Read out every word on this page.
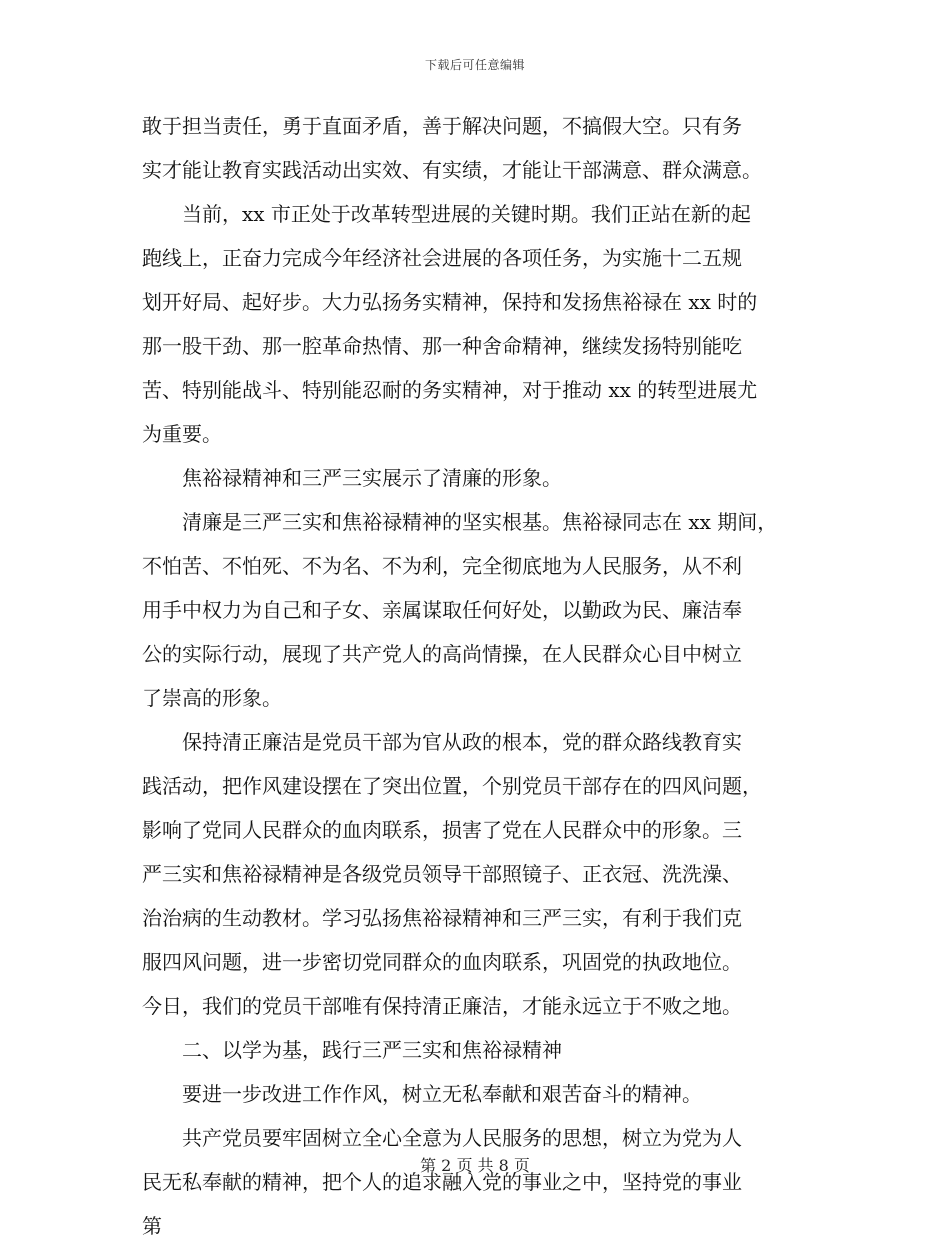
下载后可任意编辑
敢于担当责任，勇于直面矛盾，善于解决问题，不搞假大空。只有务
实才能让教育实践活动出实效、有实绩，才能让干部满意、群众满意。
　　当前，xx 市正处于改革转型进展的关键时期。我们正站在新的起
跑线上，正奋力完成今年经济社会进展的各项任务，为实施十二五规
划开好局、起好步。大力弘扬务实精神，保持和发扬焦裕禄在 xx 时的
那一股干劲、那一腔革命热情、那一种舍命精神，继续发扬特别能吃
苦、特别能战斗、特别能忍耐的务实精神，对于推动 xx 的转型进展尤
为重要。
　　焦裕禄精神和三严三实展示了清廉的形象。
　　清廉是三严三实和焦裕禄精神的坚实根基。焦裕禄同志在 xx 期间，
不怕苦、不怕死、不为名、不为利，完全彻底地为人民服务，从不利
用手中权力为自己和子女、亲属谋取任何好处，以勤政为民、廉洁奉
公的实际行动，展现了共产党人的高尚情操，在人民群众心目中树立
了崇高的形象。
　　保持清正廉洁是党员干部为官从政的根本，党的群众路线教育实
践活动，把作风建设摆在了突出位置，个别党员干部存在的四风问题，
影响了党同人民群众的血肉联系，损害了党在人民群众中的形象。三
严三实和焦裕禄精神是各级党员领导干部照镜子、正衣冠、洗洗澡、
治治病的生动教材。学习弘扬焦裕禄精神和三严三实，有利于我们克
服四风问题，进一步密切党同群众的血肉联系，巩固党的执政地位。
今日，我们的党员干部唯有保持清正廉洁，才能永远立于不败之地。
　　二、以学为基，践行三严三实和焦裕禄精神
　　要进一步改进工作作风，树立无私奉献和艰苦奋斗的精神。
　　共产党员要牢固树立全心全意为人民服务的思想，树立为党为人
民无私奉献的精神，把个人的追求融入党的事业之中，坚持党的事业
第
第 2 页 共 8 页
